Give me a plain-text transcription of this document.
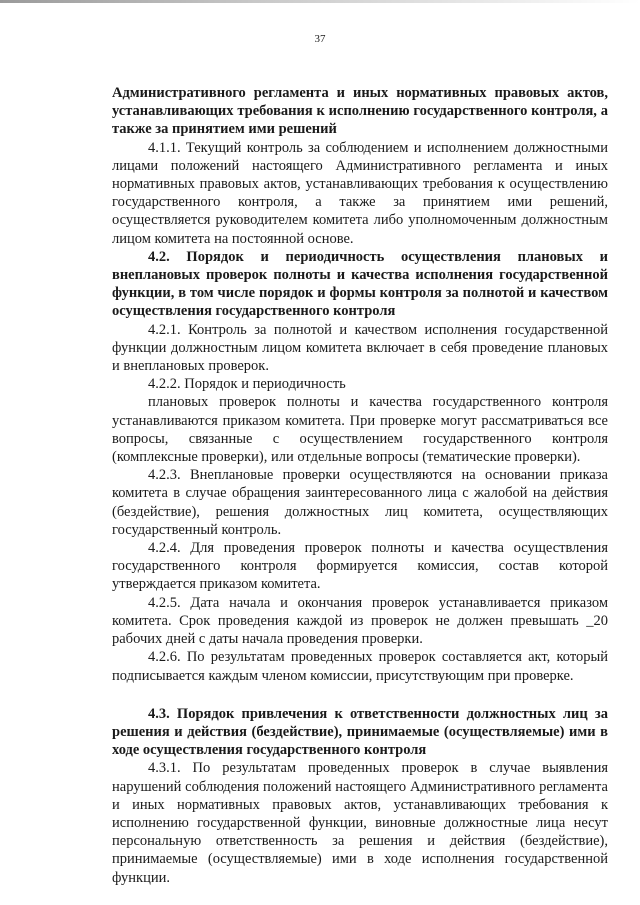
37

Административного регламента и иных нормативных правовых актов, устанавливающих требования к исполнению государственного контроля, а также за принятием ими решений

4.1.1. Текущий контроль за соблюдением и исполнением должностными лицами положений настоящего Административного регламента и иных нормативных правовых актов, устанавливающих требования к осуществлению государственного контроля, а также за принятием ими решений, осуществляется руководителем комитета либо уполномоченным должностным лицом комитета на постоянной основе.

4.2. Порядок и периодичность осуществления плановых и внеплановых проверок полноты и качества исполнения государственной функции, в том числе порядок и формы контроля за полнотой и качеством осуществления государственного контроля

4.2.1. Контроль за полнотой и качеством исполнения государственной функции должностным лицом комитета включает в себя проведение плановых и внеплановых проверок.

4.2.2. Порядок и периодичность

плановых проверок полноты и качества государственного контроля устанавливаются приказом комитета. При проверке могут рассматриваться все вопросы, связанные с осуществлением государственного контроля (комплексные проверки), или отдельные вопросы (тематические проверки).

4.2.3. Внеплановые проверки осуществляются на основании приказа комитета в случае обращения заинтересованного лица с жалобой на действия (бездействие), решения должностных лиц комитета, осуществляющих государственный контроль.

4.2.4. Для проведения проверок полноты и качества осуществления государственного контроля формируется комиссия, состав которой утверждается приказом комитета.

4.2.5. Дата начала и окончания проверок устанавливается приказом комитета. Срок проведения каждой из проверок не должен превышать _20 рабочих дней с даты начала проведения проверки.

4.2.6. По результатам проведенных проверок составляется акт, который подписывается каждым членом комиссии, присутствующим при проверке.

4.3. Порядок привлечения к ответственности должностных лиц за решения и действия (бездействие), принимаемые (осуществляемые) ими в ходе осуществления государственного контроля

4.3.1. По результатам проведенных проверок в случае выявления нарушений соблюдения положений настоящего Административного регламента и иных нормативных правовых актов, устанавливающих требования к исполнению государственной функции, виновные должностные лица несут персональную ответственность за решения и действия (бездействие), принимаемые (осуществляемые) ими в ходе исполнения государственной функции.
